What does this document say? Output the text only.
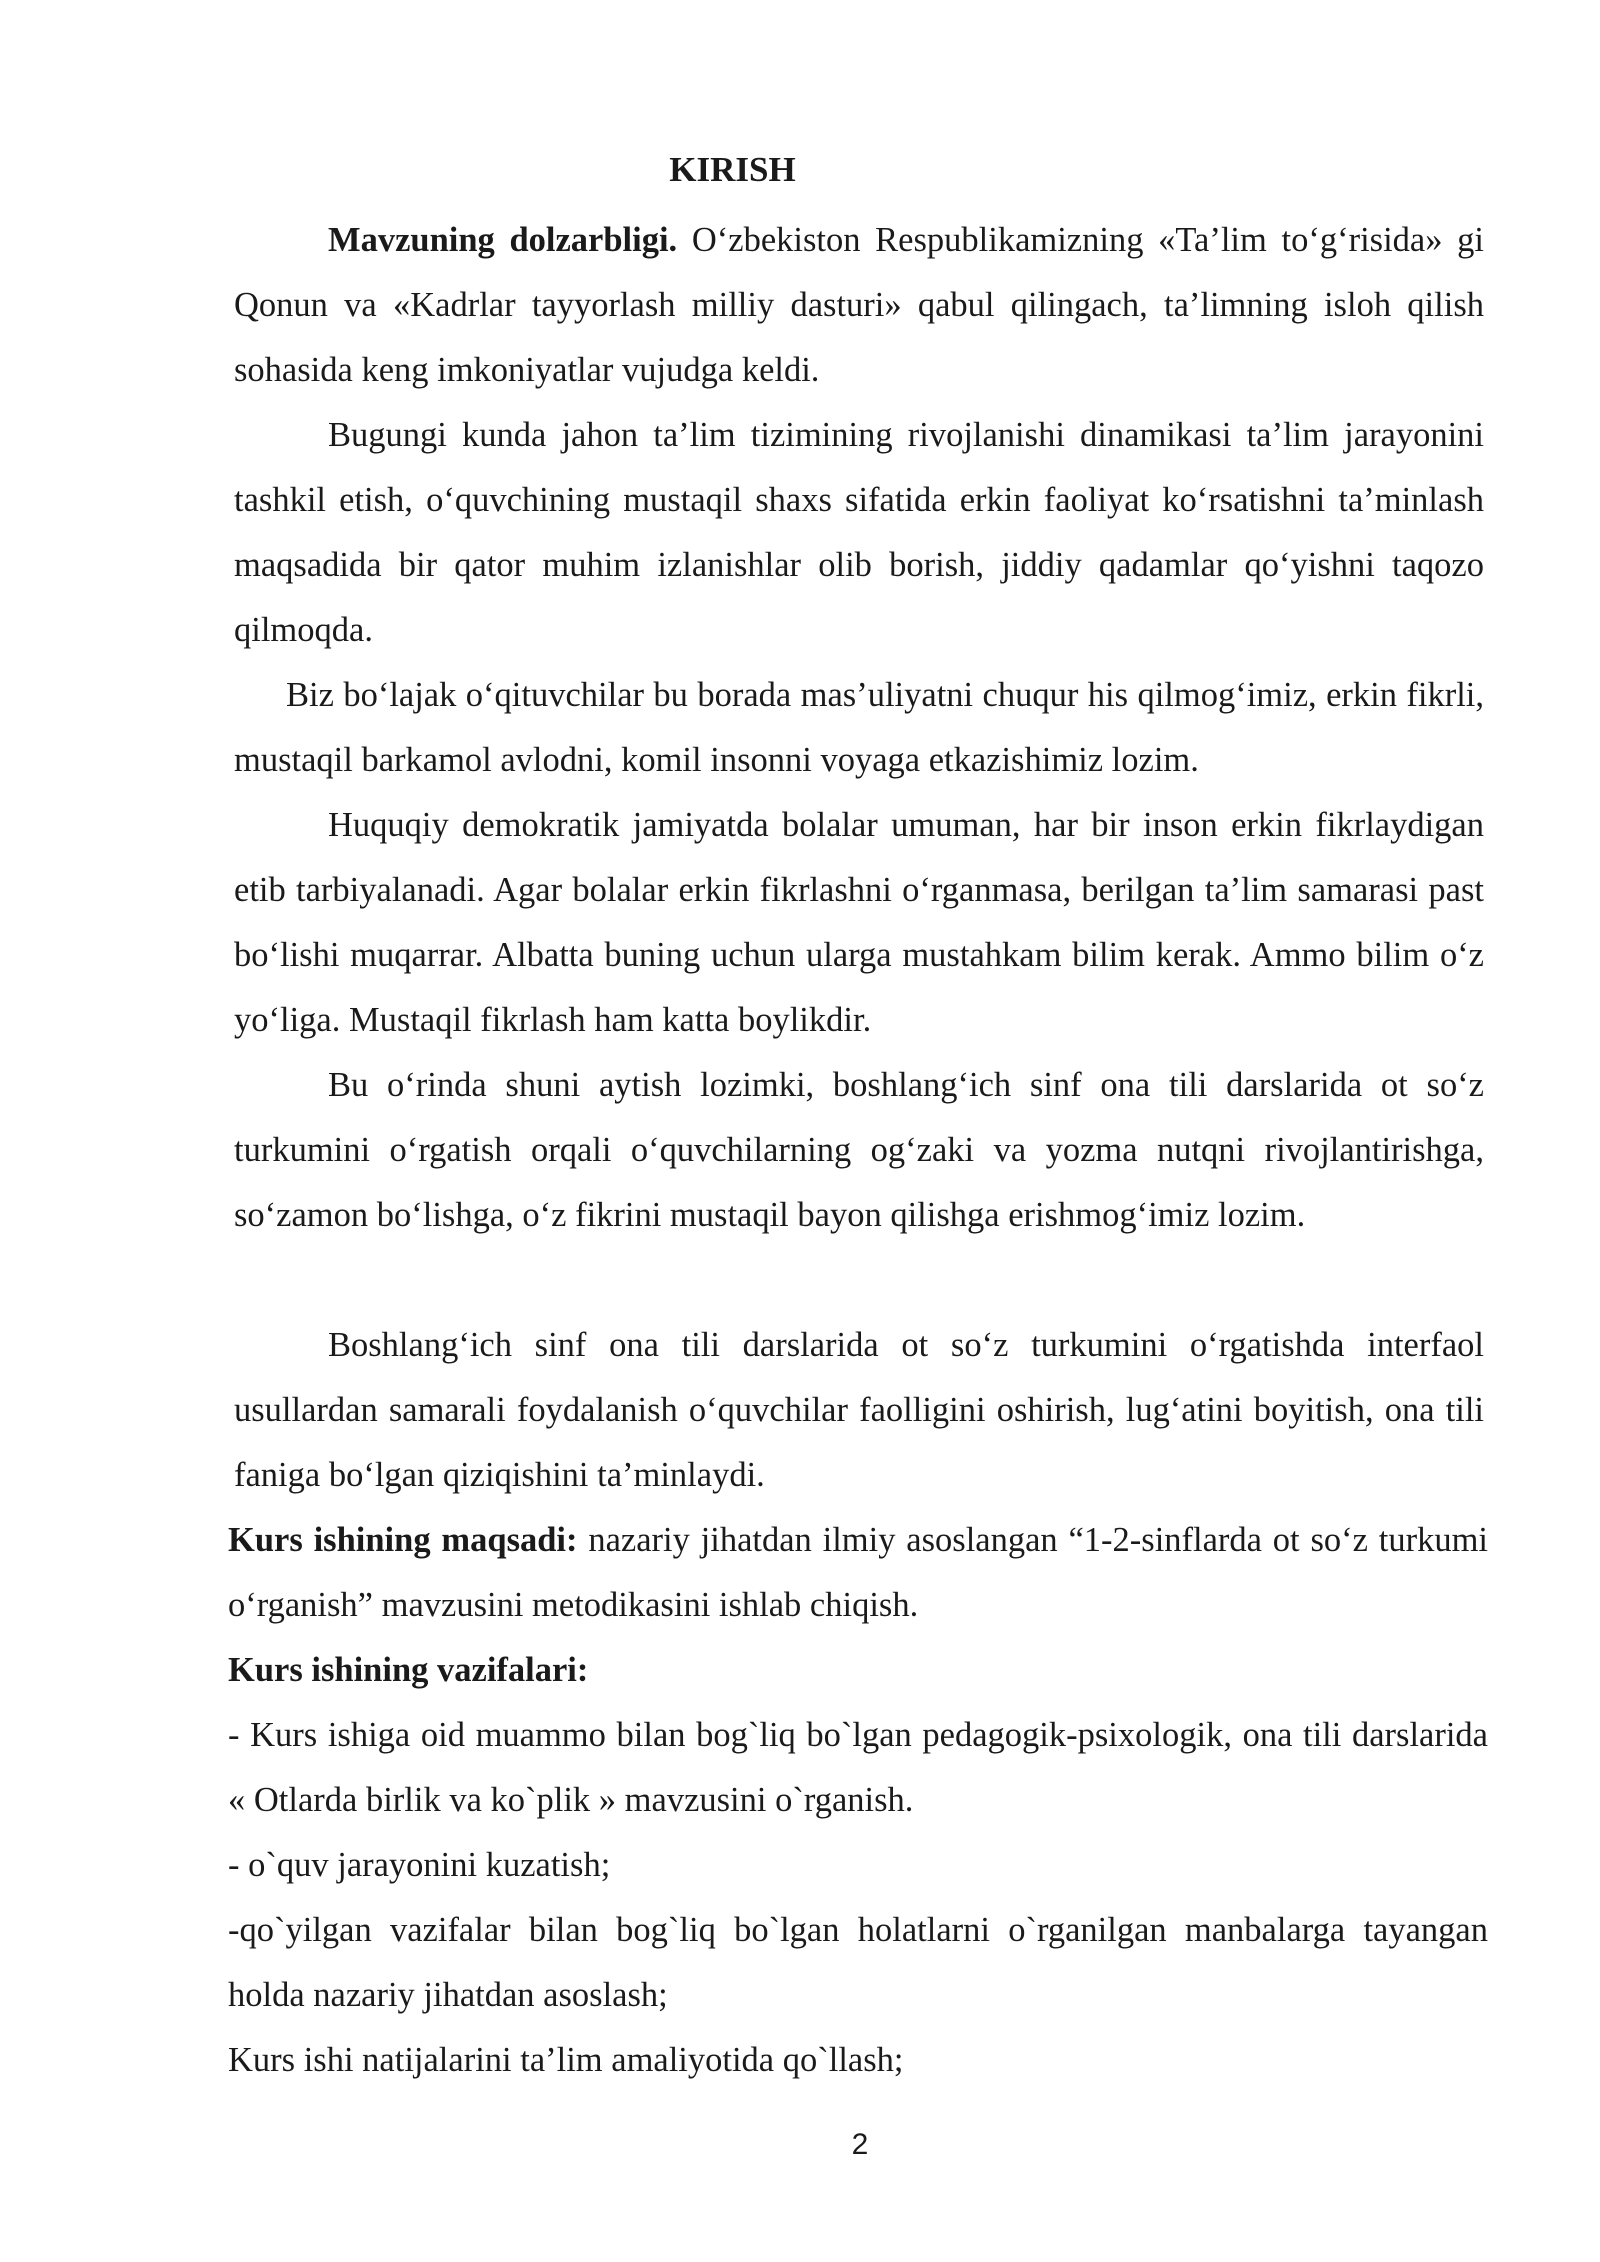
KIRISH

Mavzuning dolzarbligi. O‘zbekiston Respublikamizning «Ta’lim to‘g‘risida» gi Qonun va «Kadrlar tayyorlash milliy dasturi» qabul qilingach, ta’limning isloh qilish sohasida keng imkoniyatlar vujudga keldi.

Bugungi kunda jahon ta’lim tizimining rivojlanishi dinamikasi ta’lim jarayonini tashkil etish, o‘quvchining mustaqil shaxs sifatida erkin faoliyat ko‘rsatishni ta’minlash maqsadida bir qator muhim izlanishlar olib borish, jiddiy qadamlar qo‘yishni taqozo qilmoqda.

Biz bo‘lajak o‘qituvchilar bu borada mas’uliyatni chuqur his qilmog‘imiz, erkin fikrli, mustaqil barkamol avlodni, komil insonni voyaga etkazishimiz lozim.

Huquqiy demokratik jamiyatda bolalar umuman, har bir inson erkin fikrlaydigan etib tarbiyalanadi. Agar bolalar erkin fikrlashni o‘rganmasa, berilgan ta’lim samarasi past bo‘lishi muqarrar. Albatta buning uchun ularga mustahkam bilim kerak. Ammo bilim o‘z yo‘liga. Mustaqil fikrlash ham katta boylikdir.

Bu o‘rinda shuni aytish lozimki, boshlang‘ich sinf ona tili darslarida ot so‘z turkumini o‘rgatish orqali o‘quvchilarning og‘zaki va yozma nutqni rivojlantirishga, so‘zamon bo‘lishga, o‘z fikrini mustaqil bayon qilishga erishmog‘imiz lozim.

Boshlang‘ich sinf ona tili darslarida ot so‘z turkumini o‘rgatishda interfaol usullardan samarali foydalanish o‘quvchilar faolligini oshirish, lug‘atini boyitish, ona tili faniga bo‘lgan qiziqishini ta’minlaydi.

Kurs ishining maqsadi: nazariy jihatdan ilmiy asoslangan “1-2-sinflarda ot so‘z turkumi o‘rganish” mavzusini metodikasini ishlab chiqish.

Kurs ishining vazifalari:

- Kurs ishiga oid muammo bilan bog`liq bo`lgan pedagogik-psixologik, ona tili darslarida « Otlarda birlik va ko`plik » mavzusini o`rganish.

- o`quv jarayonini kuzatish;

-qo`yilgan vazifalar bilan bog`liq bo`lgan holatlarni o`rganilgan manbalarga tayangan holda nazariy jihatdan asoslash;

Kurs ishi natijalarini ta’lim amaliyotida qo`llash;
2
